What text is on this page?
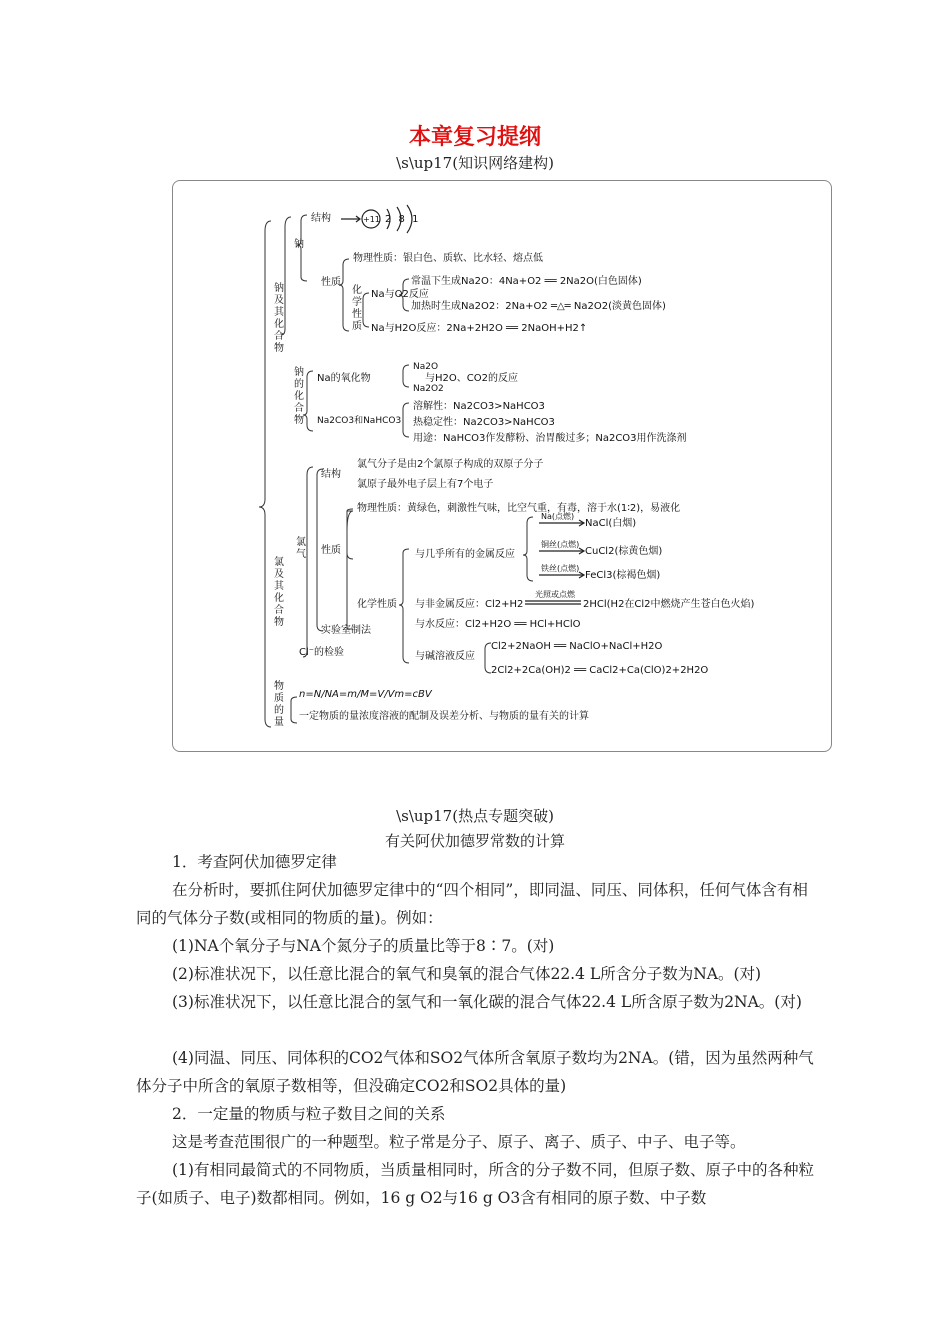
本章复习提纲
\s\up17(知识网络建构)
钠及其化合物
钠
结构	+11 2 8 1
性质
物理性质：银白色、质软、比水轻、熔点低
化学性质
Na与O2反应
常温下生成Na2O：4Na+O2 ══ 2Na2O(白色固体)
加热时生成Na2O2：2Na+O2 ═△═ Na2O2(淡黄色固体)
Na与H2O反应：2Na+2H2O ══ 2NaOH+H2↑
钠的化合物
Na的氧化物
Na2O
Na2O2
与H2O、CO2的反应
Na2CO3和NaHCO3
溶解性：Na2CO3>NaHCO3
热稳定性：Na2CO3>NaHCO3
用途：NaHCO3作发酵粉、治胃酸过多；Na2CO3用作洗涤剂
氯及其化合物
氯气
结构
氯气分子是由2个氯原子构成的双原子分子
氯原子最外电子层上有7个电子
性质
物理性质：黄绿色，刺激性气味，比空气重，有毒，溶于水(1∶2)，易液化
化学性质
与几乎所有的金属反应
Na(点燃)
NaCl(白烟)
铜丝(点燃)
CuCl2(棕黄色烟)
铁丝(点燃)
FeCl3(棕褐色烟)
与非金属反应：Cl2+H2
光照或点燃
2HCl(H2在Cl2中燃烧产生苍白色火焰)
与水反应：Cl2+H2O ══ HCl+HClO
与碱溶液反应
Cl2+2NaOH ══ NaClO+NaCl+H2O
2Cl2+2Ca(OH)2 ══ CaCl2+Ca(ClO)2+2H2O
实验室制法
Cl⁻的检验
物质的量
n=N/NA=m/M=V/Vm=cBV
一定物质的量浓度溶液的配制及误差分析、与物质的量有关的计算
\s\up17(热点专题突破)
有关阿伏加德罗常数的计算
1．考查阿伏加德罗定律
在分析时，要抓住阿伏加德罗定律中的“四个相同”，即同温、同压、同体积，任何气体含有相同的气体分子数(或相同的物质的量)。例如：
(1)NA个氧分子与NA个氮分子的质量比等于8∶7。(对)
(2)标准状况下，以任意比混合的氧气和臭氧的混合气体22.4 L所含分子数为NA。(对)
(3)标准状况下，以任意比混合的氢气和一氧化碳的混合气体22.4 L所含原子数为2NA。(对)
(4)同温、同压、同体积的CO2气体和SO2气体所含氧原子数均为2NA。(错，因为虽然两种气体分子中所含的氧原子数相等，但没确定CO2和SO2具体的量)
2．一定量的物质与粒子数目之间的关系
这是考查范围很广的一种题型。粒子常是分子、原子、离子、质子、中子、电子等。
(1)有相同最简式的不同物质，当质量相同时，所含的分子数不同，但原子数、原子中的各种粒子(如质子、电子)数都相同。例如，16 g O2与16 g O3含有相同的原子数、中子数
